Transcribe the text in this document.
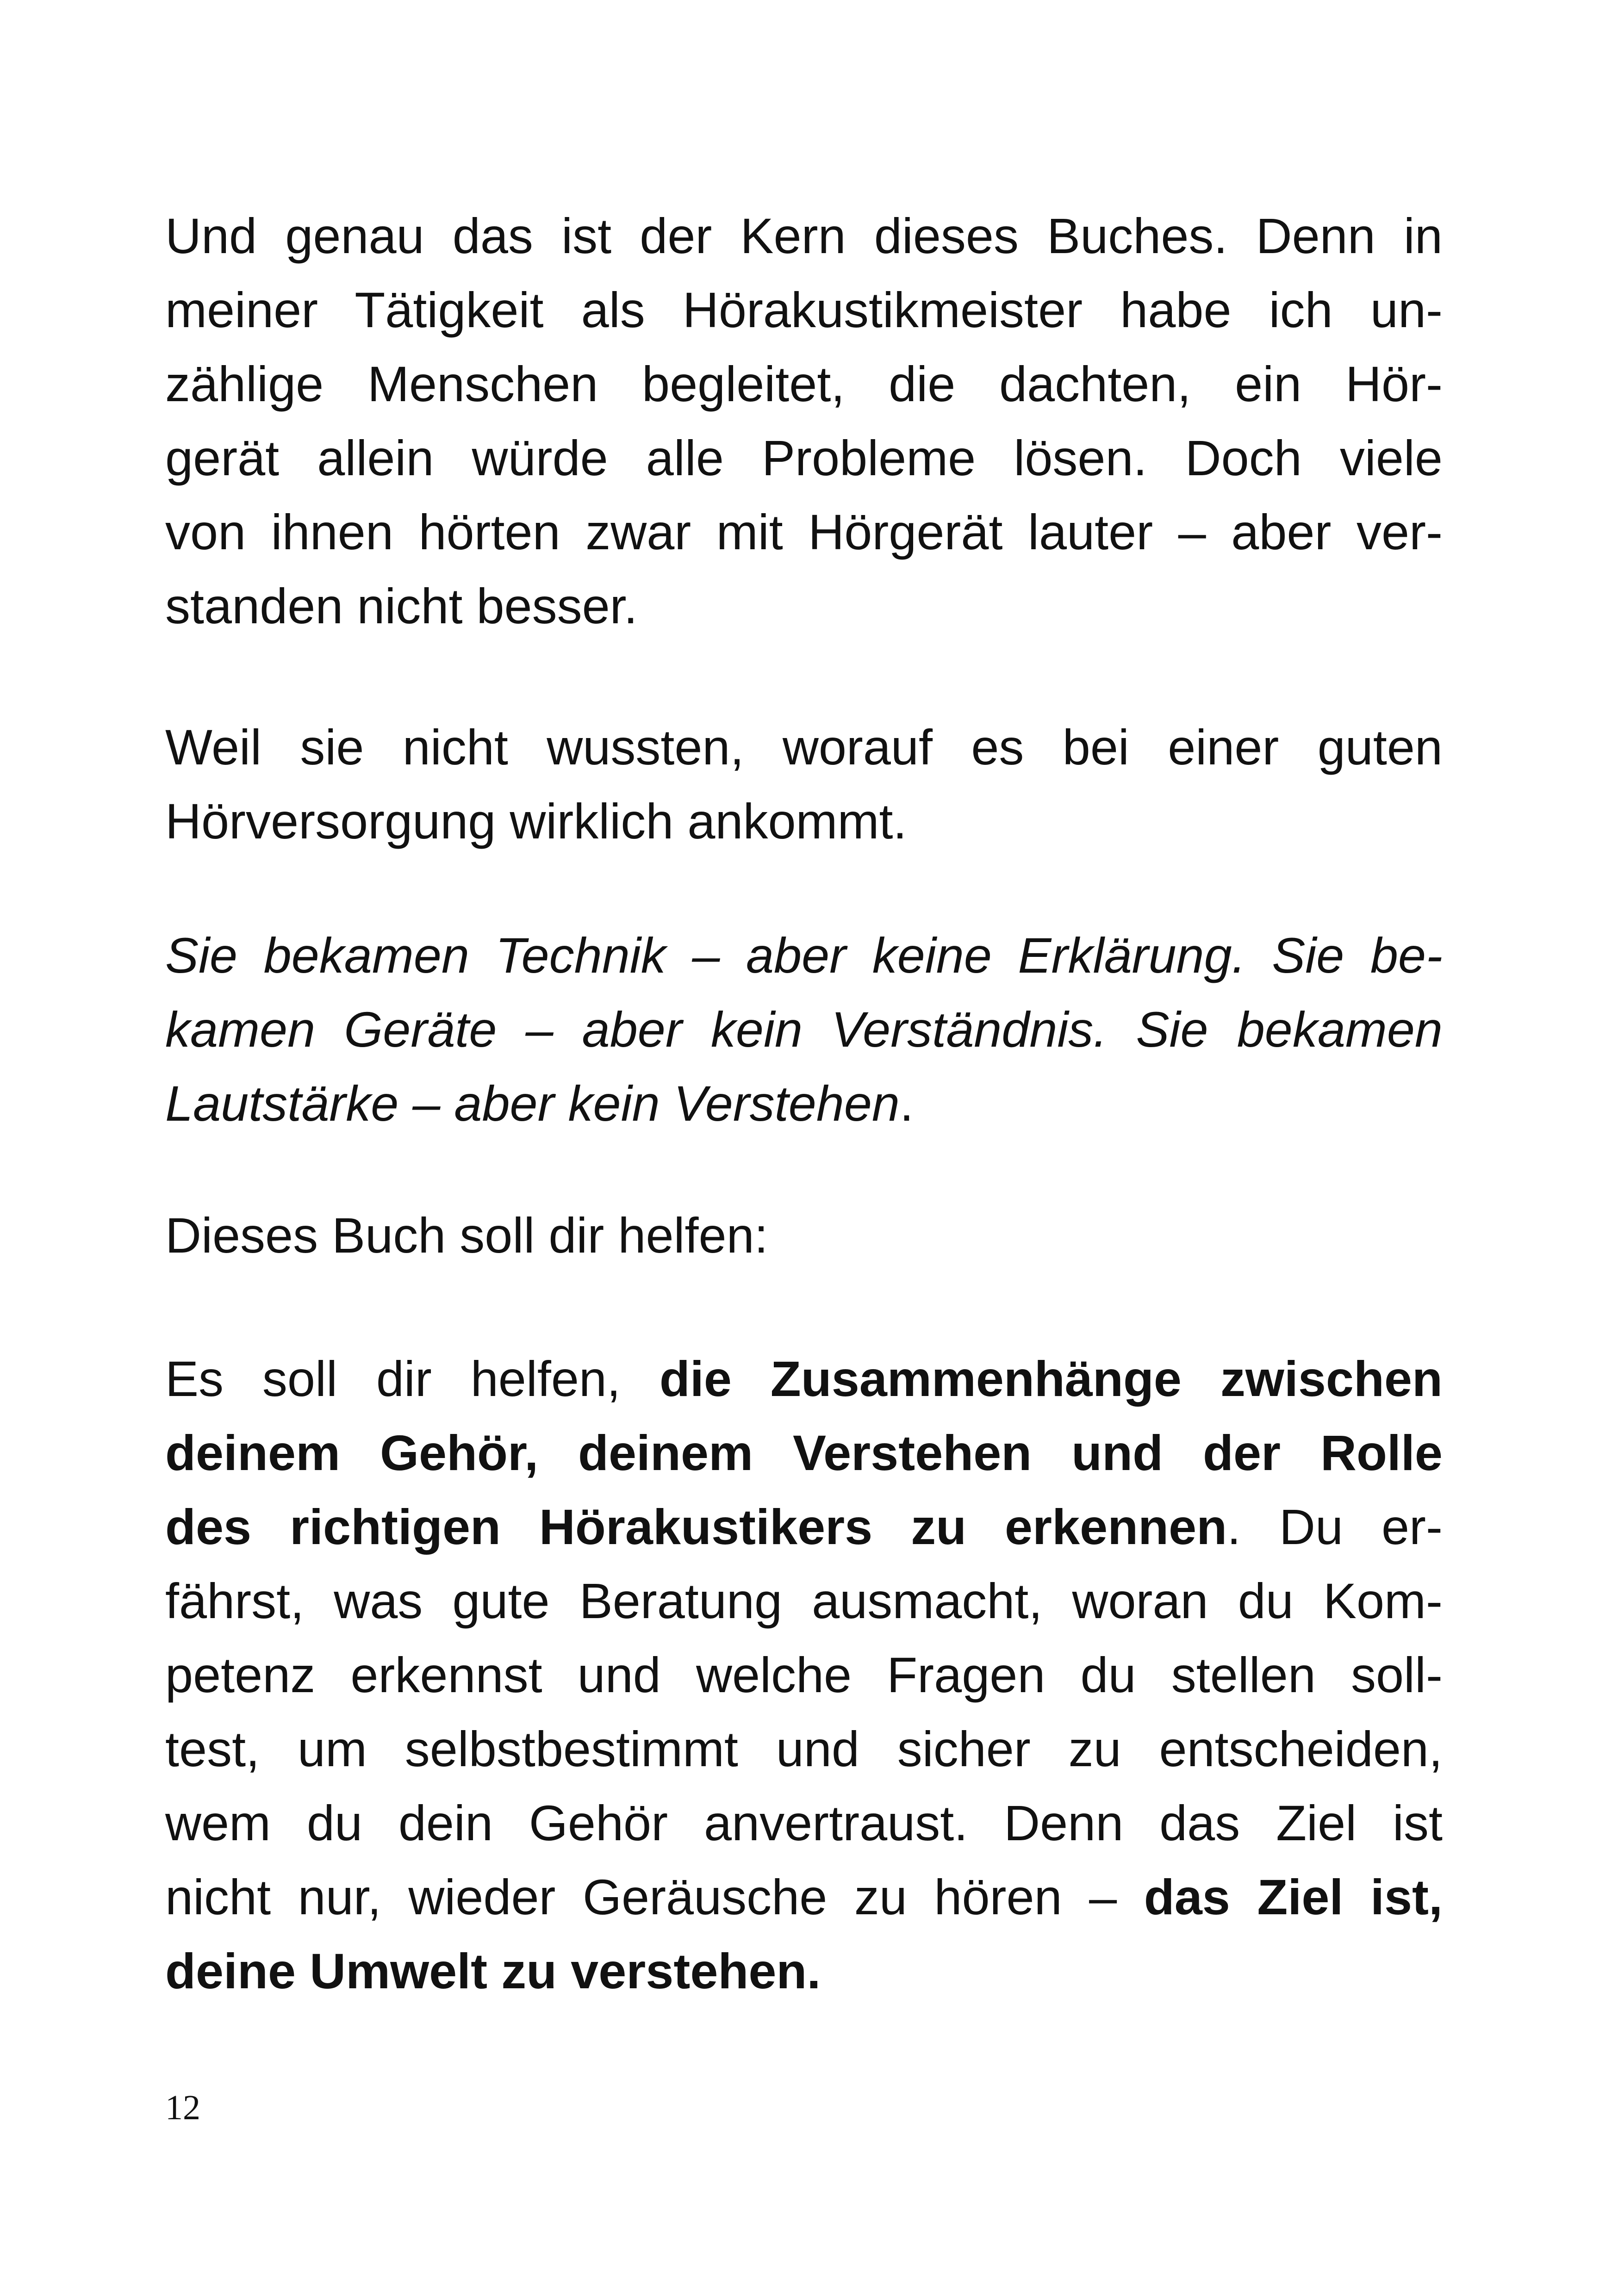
Und genau das ist der Kern dieses Buches. Denn in
meiner Tätigkeit als Hörakustikmeister habe ich un-
zählige Menschen begleitet, die dachten, ein Hör-
gerät allein würde alle Probleme lösen. Doch viele
von ihnen hörten zwar mit Hörgerät lauter – aber ver-
standen nicht besser.
Weil sie nicht wussten, worauf es bei einer guten
Hörversorgung wirklich ankommt.
Sie bekamen Technik – aber keine Erklärung. Sie be-
kamen Geräte – aber kein Verständnis. Sie bekamen
Lautstärke – aber kein Verstehen.
Dieses Buch soll dir helfen:
Es soll dir helfen, die Zusammenhänge zwischen
deinem Gehör, deinem Verstehen und der Rolle
des richtigen Hörakustikers zu erkennen. Du er-
fährst, was gute Beratung ausmacht, woran du Kom-
petenz erkennst und welche Fragen du stellen soll-
test, um selbstbestimmt und sicher zu entscheiden,
wem du dein Gehör anvertraust. Denn das Ziel ist
nicht nur, wieder Geräusche zu hören – das Ziel ist,
deine Umwelt zu verstehen.
12
